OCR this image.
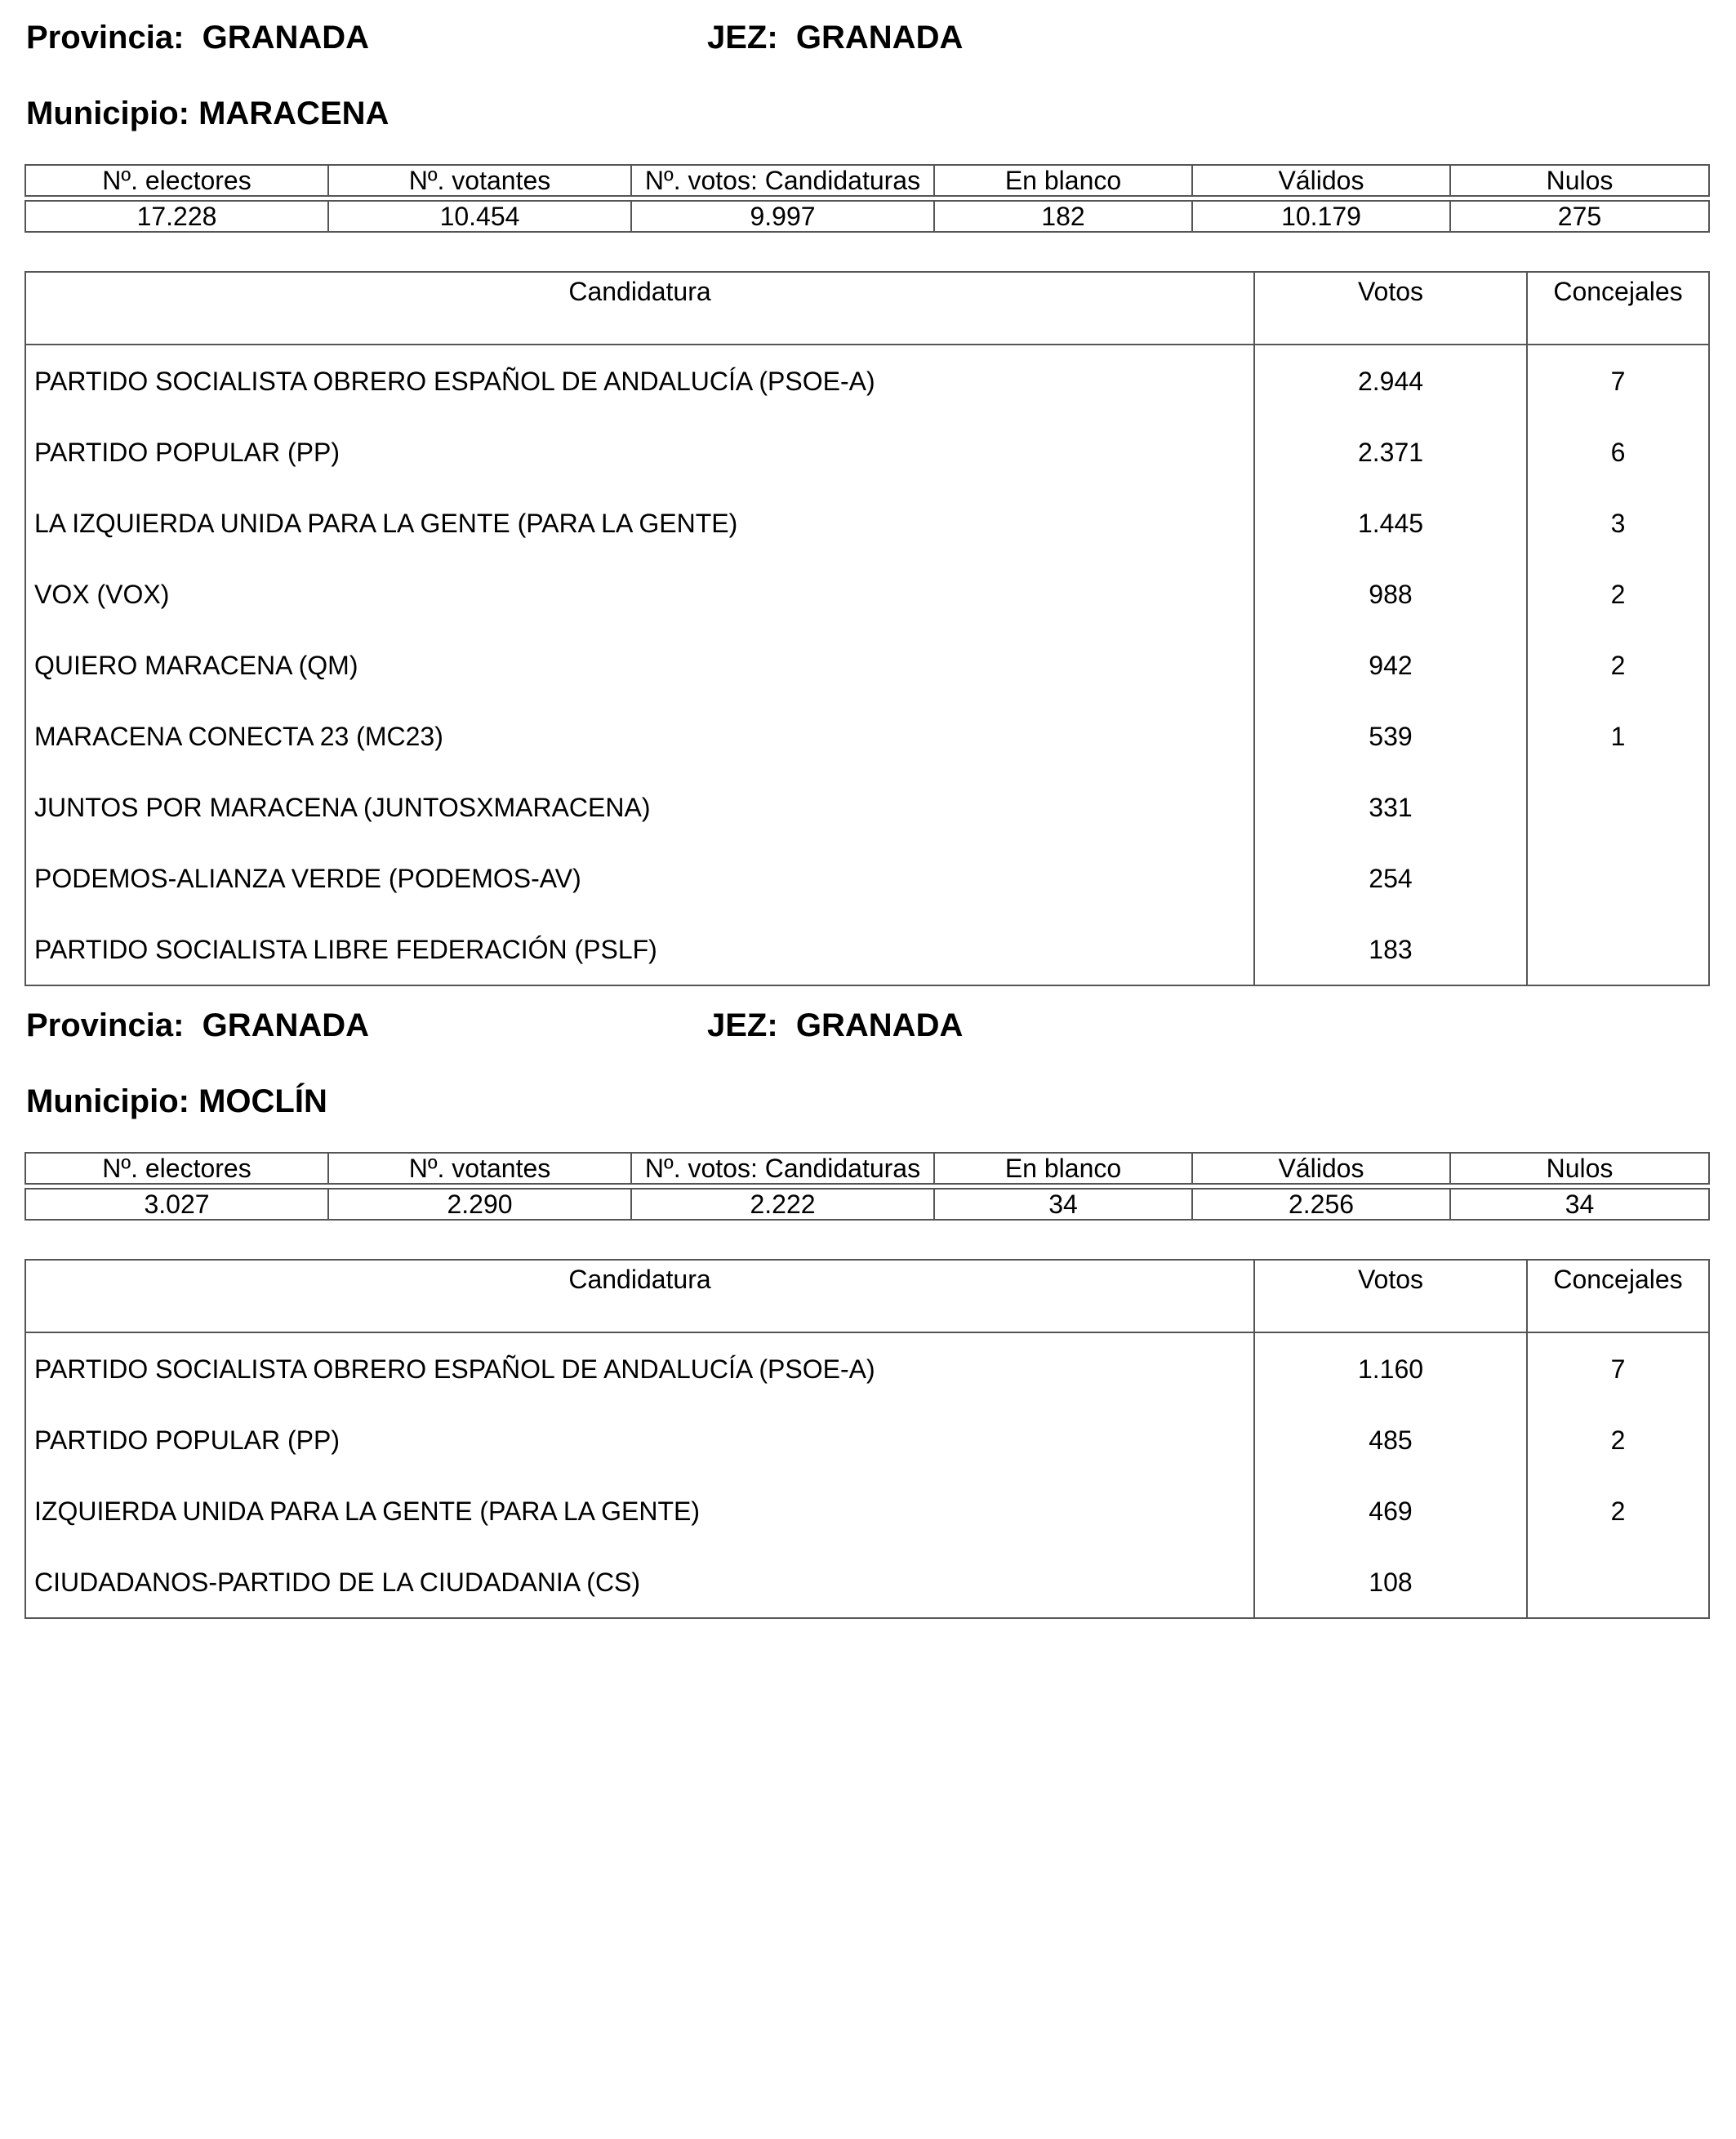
Provincia:  GRANADA	JEZ:  GRANADA
Municipio: MARACENA
Nº. electores	Nº. votantes	Nº. votos: Candidaturas	En blanco	Válidos	Nulos

17.228	10.454	9.997	182	10.179	275
Candidatura	Votos	Concejales
PARTIDO SOCIALISTA OBRERO ESPAÑOL DE ANDALUCÍA (PSOE-A)	2.944	7
PARTIDO POPULAR (PP)	2.371	6
LA IZQUIERDA UNIDA PARA LA GENTE (PARA LA GENTE)	1.445	3
VOX (VOX)	988	2
QUIERO MARACENA (QM)	942	2
MARACENA CONECTA 23 (MC23)	539	1
JUNTOS POR MARACENA (JUNTOSXMARACENA)	331	
PODEMOS-ALIANZA VERDE (PODEMOS-AV)	254	
PARTIDO SOCIALISTA LIBRE FEDERACIÓN (PSLF)	183	
Provincia:  GRANADA	JEZ:  GRANADA
Municipio: MOCLÍN
Nº. electores	Nº. votantes	Nº. votos: Candidaturas	En blanco	Válidos	Nulos

3.027	2.290	2.222	34	2.256	34
Candidatura	Votos	Concejales
PARTIDO SOCIALISTA OBRERO ESPAÑOL DE ANDALUCÍA (PSOE-A)	1.160	7
PARTIDO POPULAR (PP)	485	2
IZQUIERDA UNIDA PARA LA GENTE (PARA LA GENTE)	469	2
CIUDADANOS-PARTIDO DE LA CIUDADANIA (CS)	108	
